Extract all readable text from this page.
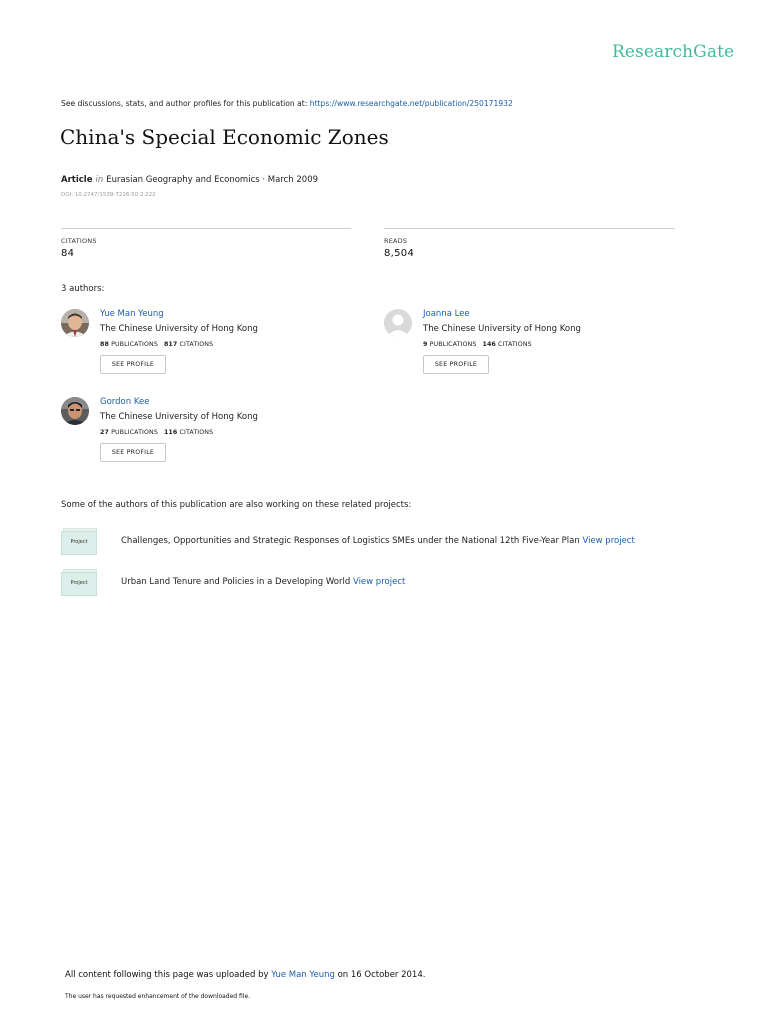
ResearchGate
See discussions, stats, and author profiles for this publication at: https://www.researchgate.net/publication/250171932
China's Special Economic Zones
Article in Eurasian Geography and Economics · March 2009
DOI: 10.2747/1539-7216.50.2.222
CITATIONS
84
READS
8,504
3 authors:
Yue Man Yeung
The Chinese University of Hong Kong
88 PUBLICATIONS 817 CITATIONS
SEE PROFILE
Joanna Lee
The Chinese University of Hong Kong
9 PUBLICATIONS 146 CITATIONS
SEE PROFILE
Gordon Kee
The Chinese University of Hong Kong
27 PUBLICATIONS 116 CITATIONS
SEE PROFILE
Some of the authors of this publication are also working on these related projects:
Project	Challenges, Opportunities and Strategic Responses of Logistics SMEs under the National 12th Five-Year Plan View project
Project	Urban Land Tenure and Policies in a Developing World View project
All content following this page was uploaded by Yue Man Yeung on 16 October 2014.
The user has requested enhancement of the downloaded file.
